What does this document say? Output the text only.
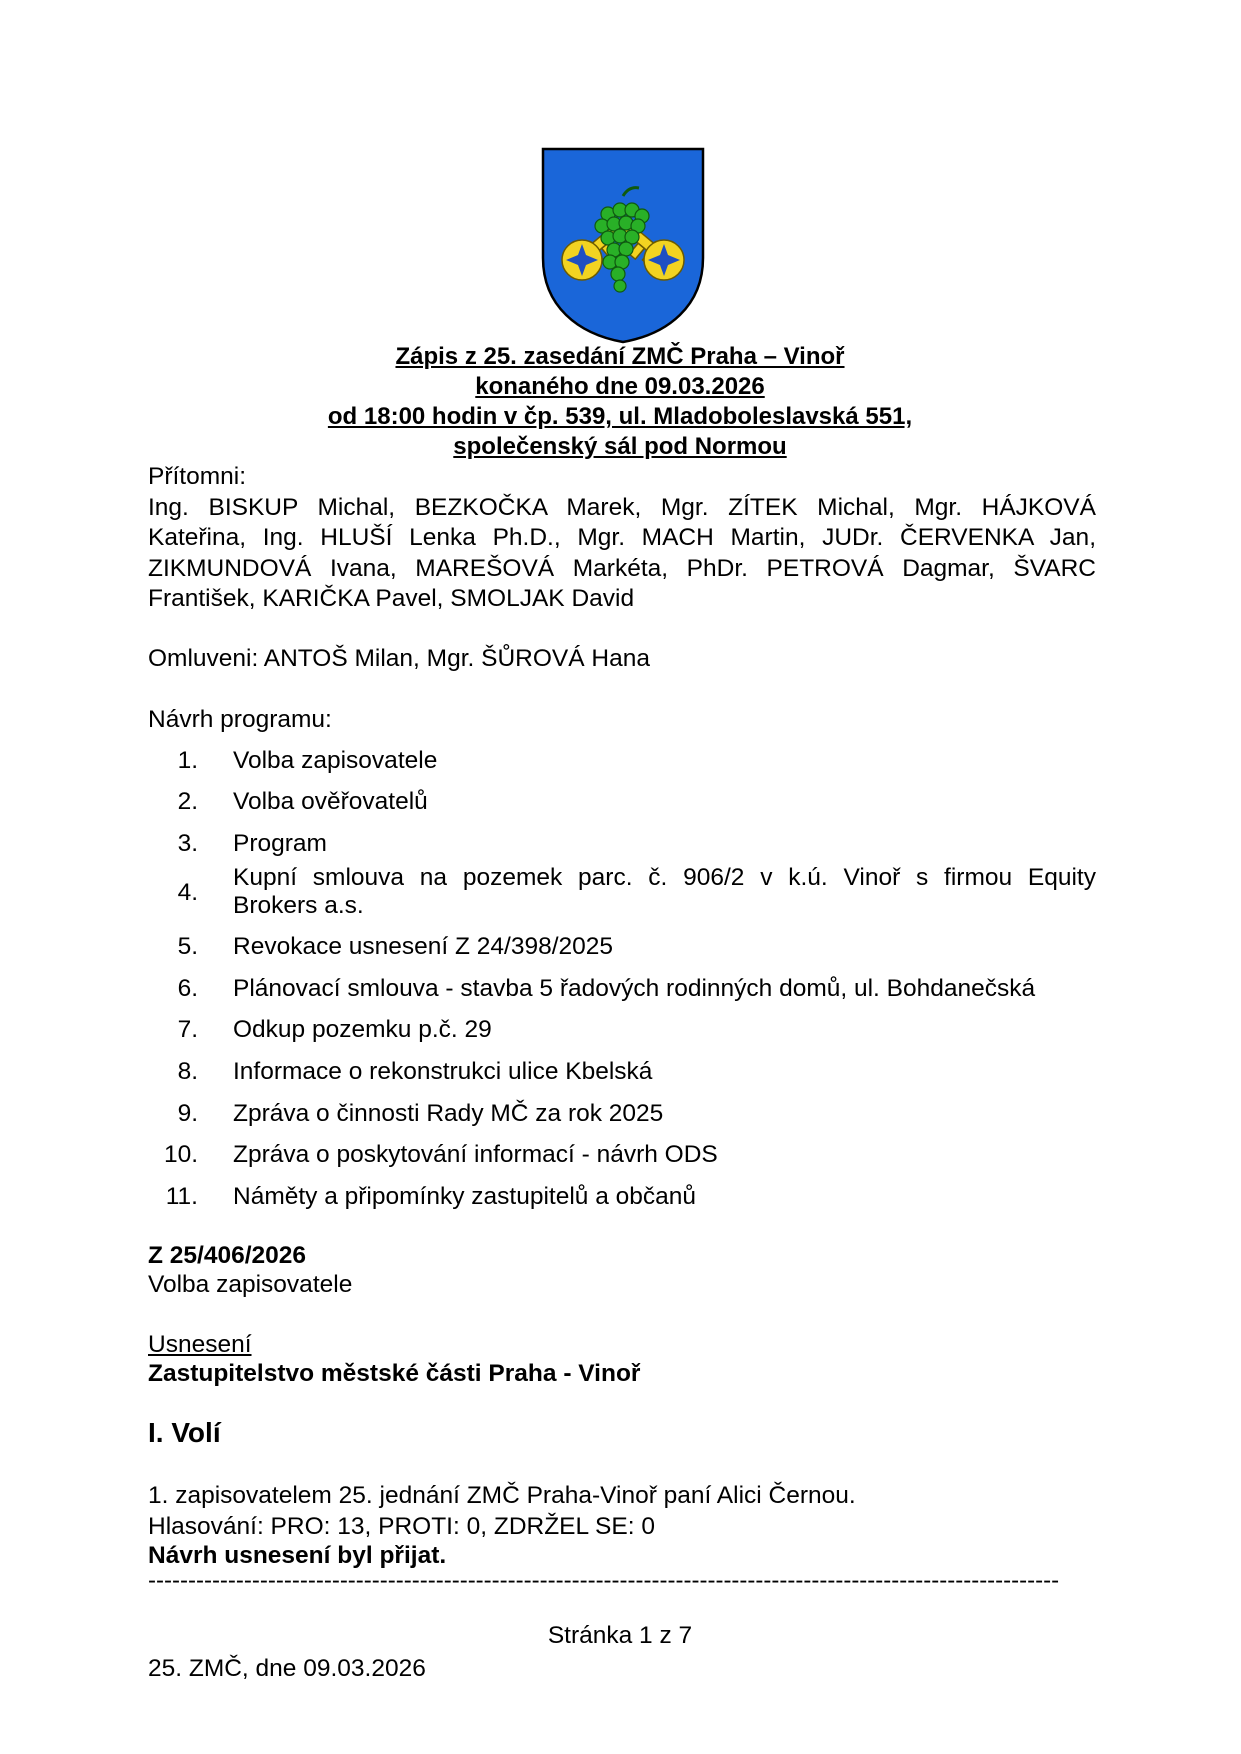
Zápis z 25. zasedání ZMČ Praha – Vinoř
konaného dne 09.03.2026
od 18:00 hodin v čp. 539, ul. Mladoboleslavská 551,
společenský sál pod Normou
Přítomni:
Ing. BISKUP Michal, BEZKOČKA Marek, Mgr. ZÍTEK Michal, Mgr. HÁJKOVÁ
Kateřina, Ing. HLUŠÍ Lenka Ph.D., Mgr. MACH Martin, JUDr. ČERVENKA Jan,
ZIKMUNDOVÁ Ivana, MAREŠOVÁ Markéta, PhDr. PETROVÁ Dagmar, ŠVARC
František, KARIČKA Pavel, SMOLJAK David
Omluveni: ANTOŠ Milan, Mgr. ŠŮROVÁ Hana
Návrh programu:
1. Volba zapisovatele
2. Volba ověřovatelů
3. Program
4.
Kupní smlouva na pozemek parc. č. 906/2 v k.ú. Vinoř s firmou Equity
Brokers a.s.
5. Revokace usnesení Z 24/398/2025
6. Plánovací smlouva - stavba 5 řadových rodinných domů, ul. Bohdanečská
7. Odkup pozemku p.č. 29
8. Informace o rekonstrukci ulice Kbelská
9. Zpráva o činnosti Rady MČ za rok 2025
10. Zpráva o poskytování informací - návrh ODS
11. Náměty a připomínky zastupitelů a občanů
Z 25/406/2026
Volba zapisovatele
Usnesení
Zastupitelstvo městské části Praha - Vinoř
I. Volí
1. zapisovatelem 25. jednání ZMČ Praha-Vinoř paní Alici Černou.
Hlasování: PRO: 13, PROTI: 0, ZDRŽEL SE: 0
Návrh usnesení byl přijat.
------------------------------------------------------------------------------------------------------------------
Stránka 1 z 7
25. ZMČ, dne 09.03.2026
